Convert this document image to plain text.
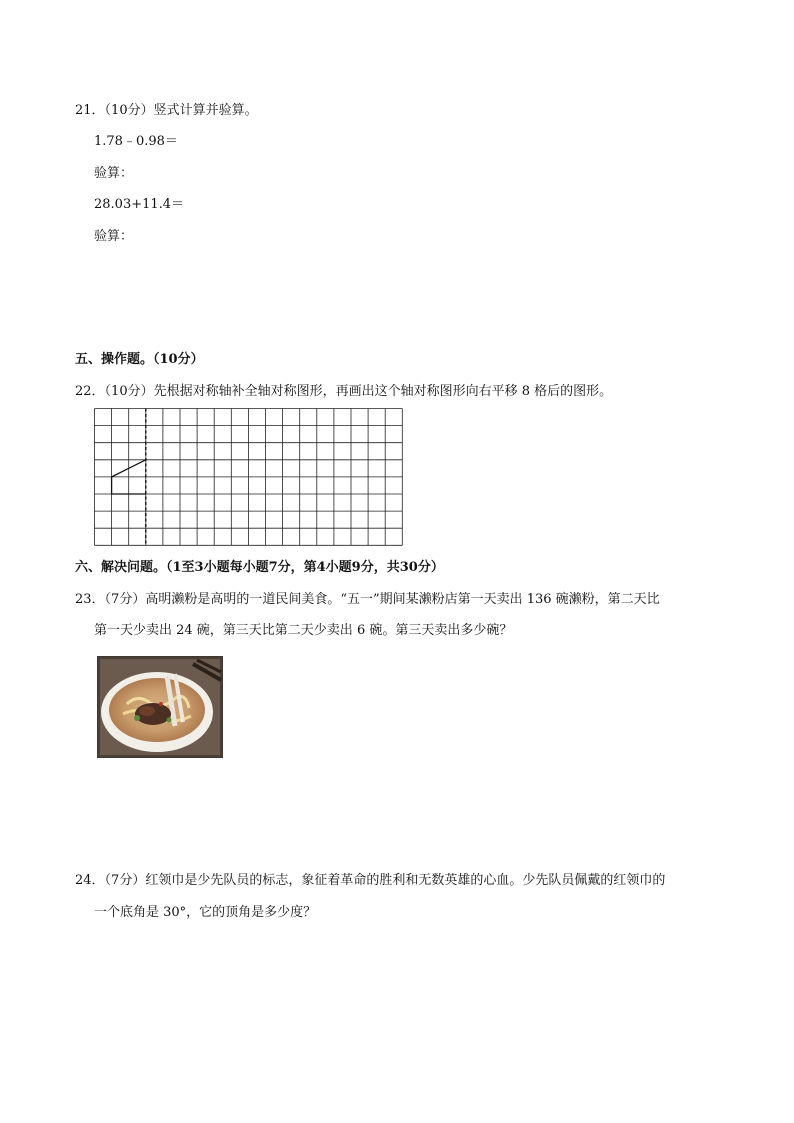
21．（10分）竖式计算并验算。
1.78﹣0.98＝
验算：
28.03+11.4＝
验算：
五、操作题。（10分）
22．（10分）先根据对称轴补全轴对称图形，再画出这个轴对称图形向右平移 8 格后的图形。
六、解决问题。（1至3小题每小题7分，第4小题9分，共30分）
23．（7分）高明濑粉是高明的一道民间美食。“五一”期间某濑粉店第一天卖出 136 碗濑粉，第二天比
第一天少卖出 24 碗，第三天比第二天少卖出 6 碗。第三天卖出多少碗？
24．（7分）红领巾是少先队员的标志，象征着革命的胜利和无数英雄的心血。少先队员佩戴的红领巾的
一个底角是 30°，它的顶角是多少度？
